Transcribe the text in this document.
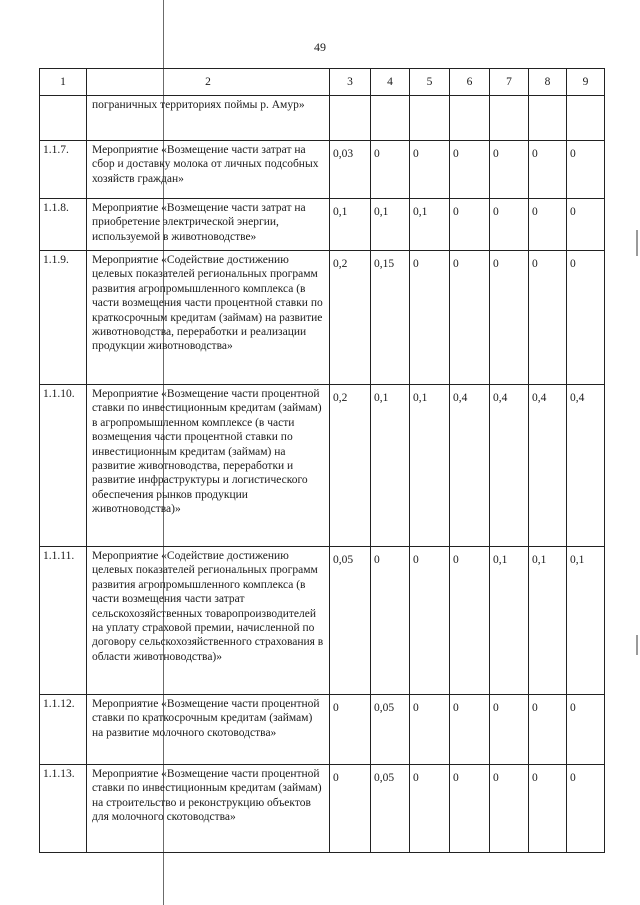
49
1	2	3	4	5	6	7	8	9
	пограничных территориях поймы р. Амур»							
1.1.7.	Мероприятие «Возмещение части затрат на сбор и доставку молока от личных подсобных хозяйств граждан»	0,03	0	0	0	0	0	0
1.1.8.	Мероприятие «Возмещение части затрат на приобретение электрической энергии, используемой в животноводстве»	0,1	0,1	0,1	0	0	0	0
1.1.9.	Мероприятие «Содействие достижению целевых показателей региональных программ развития агропромышленного комплекса (в части возмещения части процентной ставки по краткосрочным кредитам (займам) на развитие животноводства, переработки и реализации продукции животноводства»	0,2	0,15	0	0	0	0	0
1.1.10.	Мероприятие «Возмещение части процентной ставки по инвестиционным кредитам (займам) в агропромышленном комплексе (в части возмещения части процентной ставки по инвестиционным кредитам (займам) на развитие животноводства, переработки и развитие инфраструктуры и логистического обеспечения рынков продукции животноводства)»	0,2	0,1	0,1	0,4	0,4	0,4	0,4
1.1.11.	Мероприятие «Содействие достижению целевых показателей региональных программ развития агропромышленного комплекса (в части возмещения части затрат сельскохозяйственных товаропроизводителей на уплату страховой премии, начисленной по договору сельскохозяйственного страхования в области животноводства)»	0,05	0	0	0	0,1	0,1	0,1
1.1.12.	Мероприятие «Возмещение части процентной ставки по краткосрочным кредитам (займам) на развитие молочного скотоводства»	0	0,05	0	0	0	0	0
1.1.13.	Мероприятие «Возмещение части процентной ставки по инвестиционным кредитам (займам) на строительство и реконструкцию объектов для молочного скотоводства»	0	0,05	0	0	0	0	0
